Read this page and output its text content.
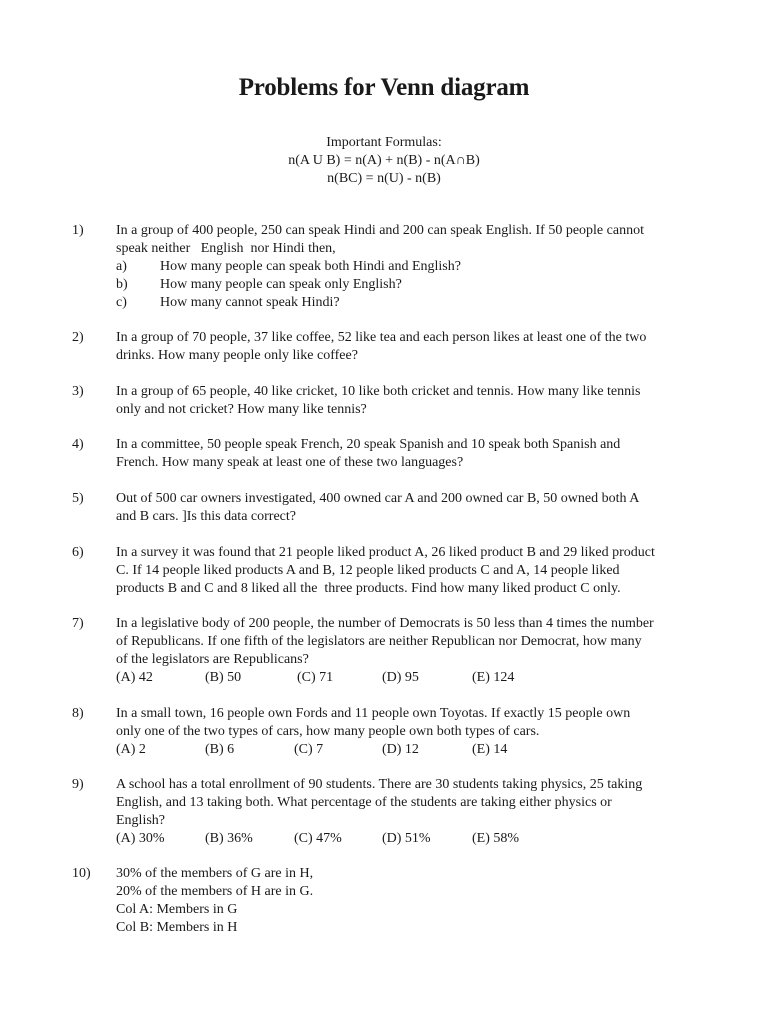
Problems for Venn diagram
Important Formulas:
n(A U B) = n(A) + n(B) - n(A∩B)
n(BC) = n(U) - n(B)
1) In a group of 400 people, 250 can speak Hindi and 200 can speak English. If 50 people cannot
speak neither   English  nor Hindi then,
a) How many people can speak both Hindi and English?
b) How many people can speak only English?
c) How many cannot speak Hindi?
2) In a group of 70 people, 37 like coffee, 52 like tea and each person likes at least one of the two
drinks. How many people only like coffee?
3) In a group of 65 people, 40 like cricket, 10 like both cricket and tennis. How many like tennis
only and not cricket? How many like tennis?
4) In a committee, 50 people speak French, 20 speak Spanish and 10 speak both Spanish and
French. How many speak at least one of these two languages?
5) Out of 500 car owners investigated, 400 owned car A and 200 owned car B, 50 owned both A
and B cars. ]Is this data correct?
6) In a survey it was found that 21 people liked product A, 26 liked product B and 29 liked product
C. If 14 people liked products A and B, 12 people liked products C and A, 14 people liked
products B and C and 8 liked all the  three products. Find how many liked product C only.
7) In a legislative body of 200 people, the number of Democrats is 50 less than 4 times the number
of Republicans. If one fifth of the legislators are neither Republican nor Democrat, how many
of the legislators are Republicans?

(A) 42

	(B) 50

	(C) 71

	(D) 95

	(E) 124

8) In a small town, 16 people own Fords and 11 people own Toyotas. If exactly 15 people own
only one of the two types of cars, how many people own both types of cars.

(A) 2

	(B) 6

	(C) 7

	(D) 12

	(E) 14

9) A school has a total enrollment of 90 students. There are 30 students taking physics, 25 taking
English, and 13 taking both. What percentage of the students are taking either physics or
English?

(A) 30%

	(B) 36%

	(C) 47%

	(D) 51%

	(E) 58%

10) 30% of the members of G are in H,
20% of the members of H are in G.
Col A: Members in G
Col B: Members in H
